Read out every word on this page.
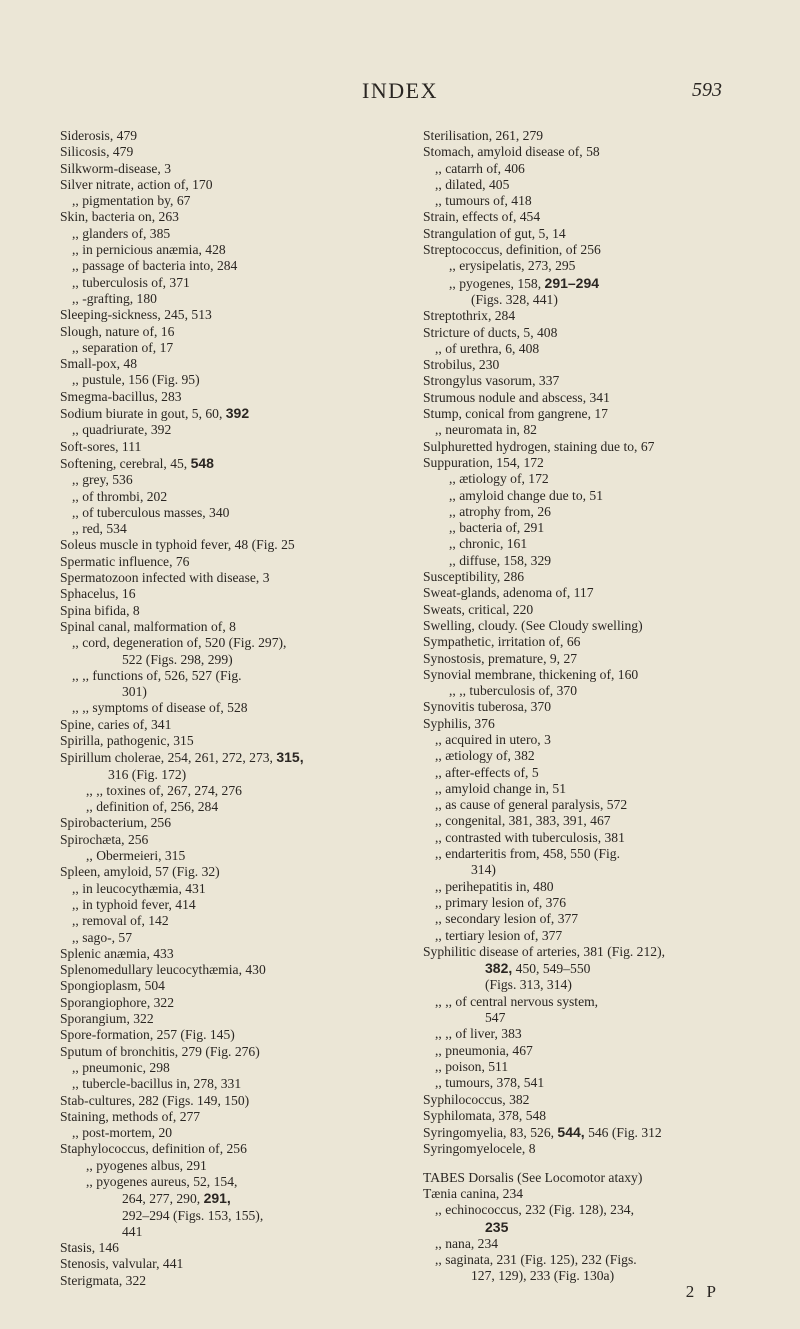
INDEX	593
Siderosis, 479
Silicosis, 479
Silkworm-disease, 3
Silver nitrate, action of, 170
,, pigmentation by, 67
Skin, bacteria on, 263
,, glanders of, 385
,, in pernicious anæmia, 428
,, passage of bacteria into, 284
,, tuberculosis of, 371
,, -grafting, 180
Sleeping-sickness, 245, 513
Slough, nature of, 16
,, separation of, 17
Small-pox, 48
,, pustule, 156 (Fig. 95)
Smegma-bacillus, 283
Sodium biurate in gout, 5, 60, 392
,, quadriurate, 392
Soft-sores, 111
Softening, cerebral, 45, 548
,, grey, 536
,, of thrombi, 202
,, of tuberculous masses, 340
,, red, 534
Soleus muscle in typhoid fever, 48 (Fig. 25
Spermatic influence, 76
Spermatozoon infected with disease, 3
Sphacelus, 16
Spina bifida, 8
Spinal canal, malformation of, 8
,, cord, degeneration of, 520 (Fig. 297),
522 (Figs. 298, 299)
,, ,, functions of, 526, 527 (Fig.
301)
,, ,, symptoms of disease of, 528
Spine, caries of, 341
Spirilla, pathogenic, 315
Spirillum cholerae, 254, 261, 272, 273, 315,
316 (Fig. 172)
,, ,, toxines of, 267, 274, 276
,, definition of, 256, 284
Spirobacterium, 256
Spirochæta, 256
,, Obermeieri, 315
Spleen, amyloid, 57 (Fig. 32)
,, in leucocythæmia, 431
,, in typhoid fever, 414
,, removal of, 142
,, sago-, 57
Splenic anæmia, 433
Splenomedullary leucocythæmia, 430
Spongioplasm, 504
Sporangiophore, 322
Sporangium, 322
Spore-formation, 257 (Fig. 145)
Sputum of bronchitis, 279 (Fig. 276)
,, pneumonic, 298
,, tubercle-bacillus in, 278, 331
Stab-cultures, 282 (Figs. 149, 150)
Staining, methods of, 277
,, post-mortem, 20
Staphylococcus, definition of, 256
,, pyogenes albus, 291
,, pyogenes aureus, 52, 154,
264, 277, 290, 291,
292–294 (Figs. 153, 155),
441
Stasis, 146
Stenosis, valvular, 441
Sterigmata, 322
Sterilisation, 261, 279
Stomach, amyloid disease of, 58
,, catarrh of, 406
,, dilated, 405
,, tumours of, 418
Strain, effects of, 454
Strangulation of gut, 5, 14
Streptococcus, definition, of 256
,, erysipelatis, 273, 295
,, pyogenes, 158, 291–294
(Figs. 328, 441)
Streptothrix, 284
Stricture of ducts, 5, 408
,, of urethra, 6, 408
Strobilus, 230
Strongylus vasorum, 337
Strumous nodule and abscess, 341
Stump, conical from gangrene, 17
,, neuromata in, 82
Sulphuretted hydrogen, staining due to, 67
Suppuration, 154, 172
,, ætiology of, 172
,, amyloid change due to, 51
,, atrophy from, 26
,, bacteria of, 291
,, chronic, 161
,, diffuse, 158, 329
Susceptibility, 286
Sweat-glands, adenoma of, 117
Sweats, critical, 220
Swelling, cloudy. (See Cloudy swelling)
Sympathetic, irritation of, 66
Synostosis, premature, 9, 27
Synovial membrane, thickening of, 160
,, ,, tuberculosis of, 370
Synovitis tuberosa, 370
Syphilis, 376
,, acquired in utero, 3
,, ætiology of, 382
,, after-effects of, 5
,, amyloid change in, 51
,, as cause of general paralysis, 572
,, congenital, 381, 383, 391, 467
,, contrasted with tuberculosis, 381
,, endarteritis from, 458, 550 (Fig.
314)
,, perihepatitis in, 480
,, primary lesion of, 376
,, secondary lesion of, 377
,, tertiary lesion of, 377
Syphilitic disease of arteries, 381 (Fig. 212),
382, 450, 549–550
(Figs. 313, 314)
,, ,, of central nervous system,
547
,, ,, of liver, 383
,, pneumonia, 467
,, poison, 511
,, tumours, 378, 541
Syphilococcus, 382
Syphilomata, 378, 548
Syringomyelia, 83, 526, 544, 546 (Fig. 312
Syringomyelocele, 8
TABES Dorsalis (See Locomotor ataxy)
Tænia canina, 234
,, echinococcus, 232 (Fig. 128), 234,
235
,, nana, 234
,, saginata, 231 (Fig. 125), 232 (Figs.
127, 129), 233 (Fig. 130a)
2 P
